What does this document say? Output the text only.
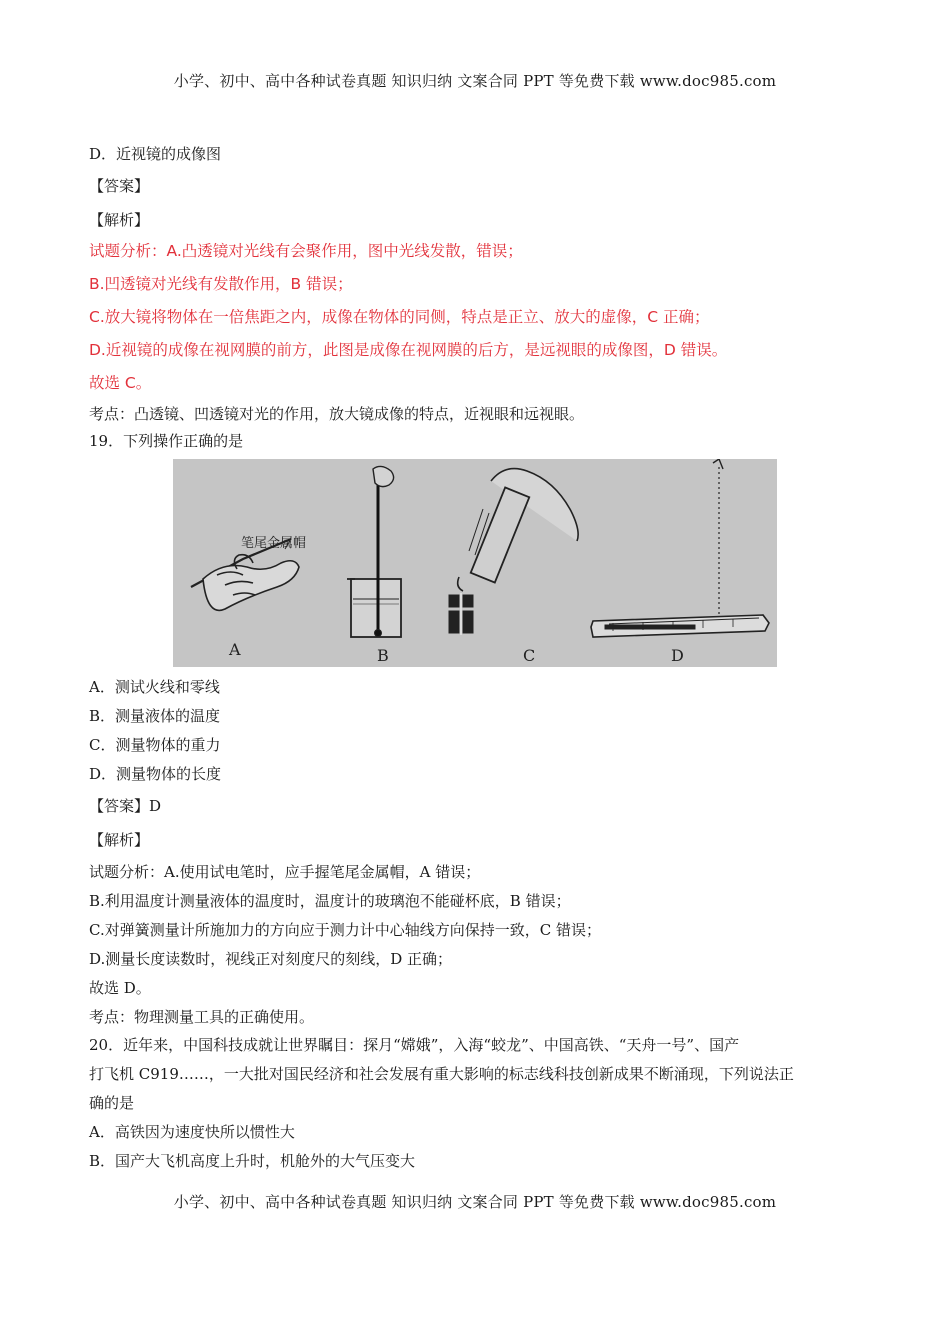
小学、初中、高中各种试卷真题 知识归纳 文案合同 PPT 等免费下载 www.doc985.com
D．近视镜的成像图
【答案】
【解析】
试题分析：A.凸透镜对光线有会聚作用，图中光线发散，错误；
B.凹透镜对光线有发散作用，B 错误；
C.放大镜将物体在一倍焦距之内，成像在物体的同侧，特点是正立、放大的虚像，C 正确；
D.近视镜的成像在视网膜的前方，此图是成像在视网膜的后方，是远视眼的成像图，D 错误。
故选 C。
考点：凸透镜、凹透镜对光的作用，放大镜成像的特点，近视眼和远视眼。
19．下列操作正确的是
笔尾金属帽
A	B	C	D
A．测试火线和零线
B．测量液体的温度
C．测量物体的重力
D．测量物体的长度
【答案】D
【解析】
试题分析：A.使用试电笔时，应手握笔尾金属帽，A 错误；
B.利用温度计测量液体的温度时，温度计的玻璃泡不能碰杯底，B 错误；
C.对弹簧测量计所施加力的方向应于测力计中心轴线方向保持一致，C 错误；
D.测量长度读数时，视线正对刻度尺的刻线，D 正确；
故选 D。
考点：物理测量工具的正确使用。
20．近年来，中国科技成就让世界瞩目：探月“嫦娥”，入海“蛟龙”、中国高铁、“天舟一号”、国产
打飞机 C919……，一大批对国民经济和社会发展有重大影响的标志线科技创新成果不断涌现，下列说法正
确的是
A．高铁因为速度快所以惯性大
B．国产大飞机高度上升时，机舱外的大气压变大
小学、初中、高中各种试卷真题 知识归纳 文案合同 PPT 等免费下载 www.doc985.com
